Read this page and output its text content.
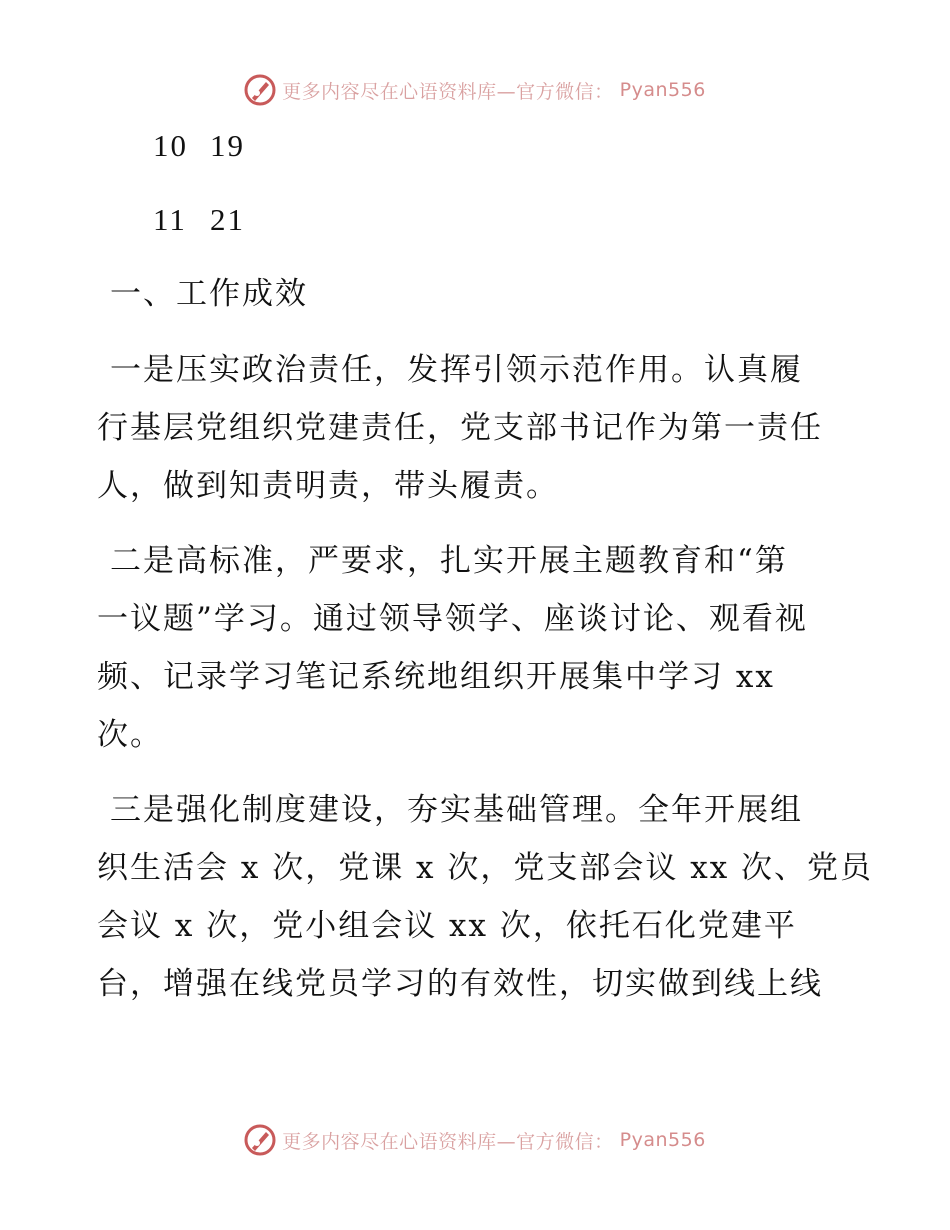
更多内容尽在心语资料库—官方微信： Pyan556
10 19
11 21
一、工作成效
一是压实政治责任，发挥引领示范作用。认真履
行基层党组织党建责任，党支部书记作为第一责任
人，做到知责明责，带头履责。
二是高标准，严要求，扎实开展主题教育和“第
一议题”学习。通过领导领学、座谈讨论、观看视
频、记录学习笔记系统地组织开展集中学习 xx
次。
三是强化制度建设，夯实基础管理。全年开展组
织生活会 x 次，党课 x 次，党支部会议 xx 次、党员
会议 x 次，党小组会议 xx 次，依托石化党建平
台，增强在线党员学习的有效性，切实做到线上线
更多内容尽在心语资料库—官方微信： Pyan556
